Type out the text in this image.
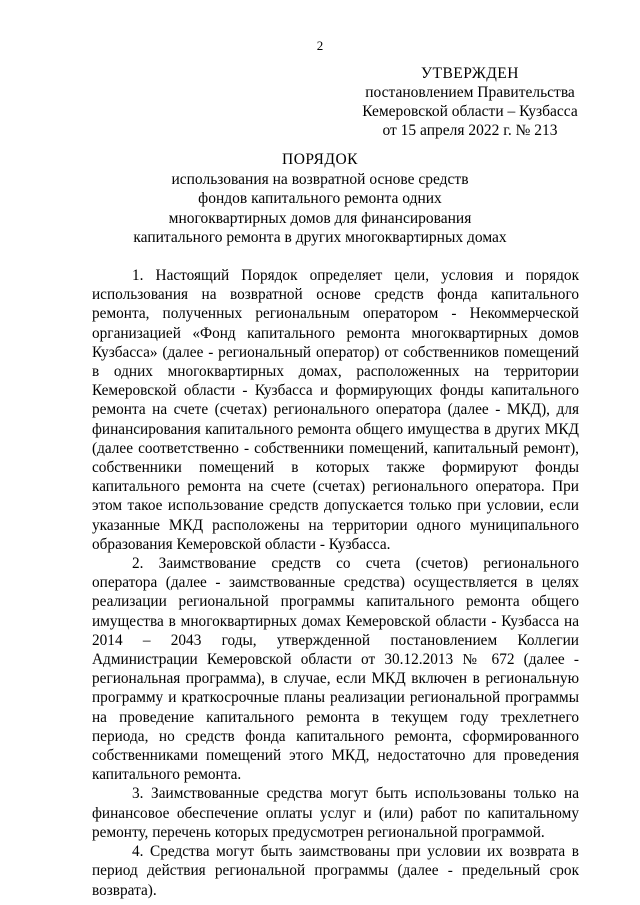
2
УТВЕРЖДЕН
постановлением Правительства
Кемеровской области – Кузбасса
от 15 апреля 2022 г. № 213
ПОРЯДОК
использования на возвратной основе средств
фондов капитального ремонта одних
многоквартирных домов для финансирования
капитального ремонта в других многоквартирных домах

1. Настоящий Порядок определяет цели, условия и порядок использования на возвратной основе средств фонда капитального ремонта, полученных региональным оператором - Некоммерческой организацией «Фонд капитального ремонта многоквартирных домов Кузбасса» (далее - региональный оператор) от собственников помещений в одних многоквартирных домах, расположенных на территории Кемеровской области - Кузбасса и формирующих фонды капитального ремонта на счете (счетах) регионального оператора (далее - МКД), для финансирования капитального ремонта общего имущества в других МКД (далее соответственно - собственники помещений, капитальный ремонт), собственники помещений в которых также формируют фонды капитального ремонта на счете (счетах) регионального оператора. При этом такое использование средств допускается только при условии, если указанные МКД расположены на территории одного муниципального образования Кемеровской области - Кузбасса.

2. Заимствование средств со счета (счетов) регионального оператора (далее - заимствованные средства) осуществляется в целях реализации региональной программы капитального ремонта общего имущества в многоквартирных домах Кемеровской области - Кузбасса на 2014 – 2043 годы, утвержденной постановлением Коллегии Администрации Кемеровской области от 30.12.2013 № 672 (далее - региональная программа), в случае, если МКД включен в региональную программу и краткосрочные планы реализации региональной программы на проведение капитального ремонта в текущем году трехлетнего периода, но средств фонда капитального ремонта, сформированного собственниками помещений этого МКД, недостаточно для проведения капитального ремонта.

3. Заимствованные средства могут быть использованы только на финансовое обеспечение оплаты услуг и (или) работ по капитальному ремонту, перечень которых предусмотрен региональной программой.

4. Средства могут быть заимствованы при условии их возврата в период действия региональной программы (далее - предельный срок возврата).
